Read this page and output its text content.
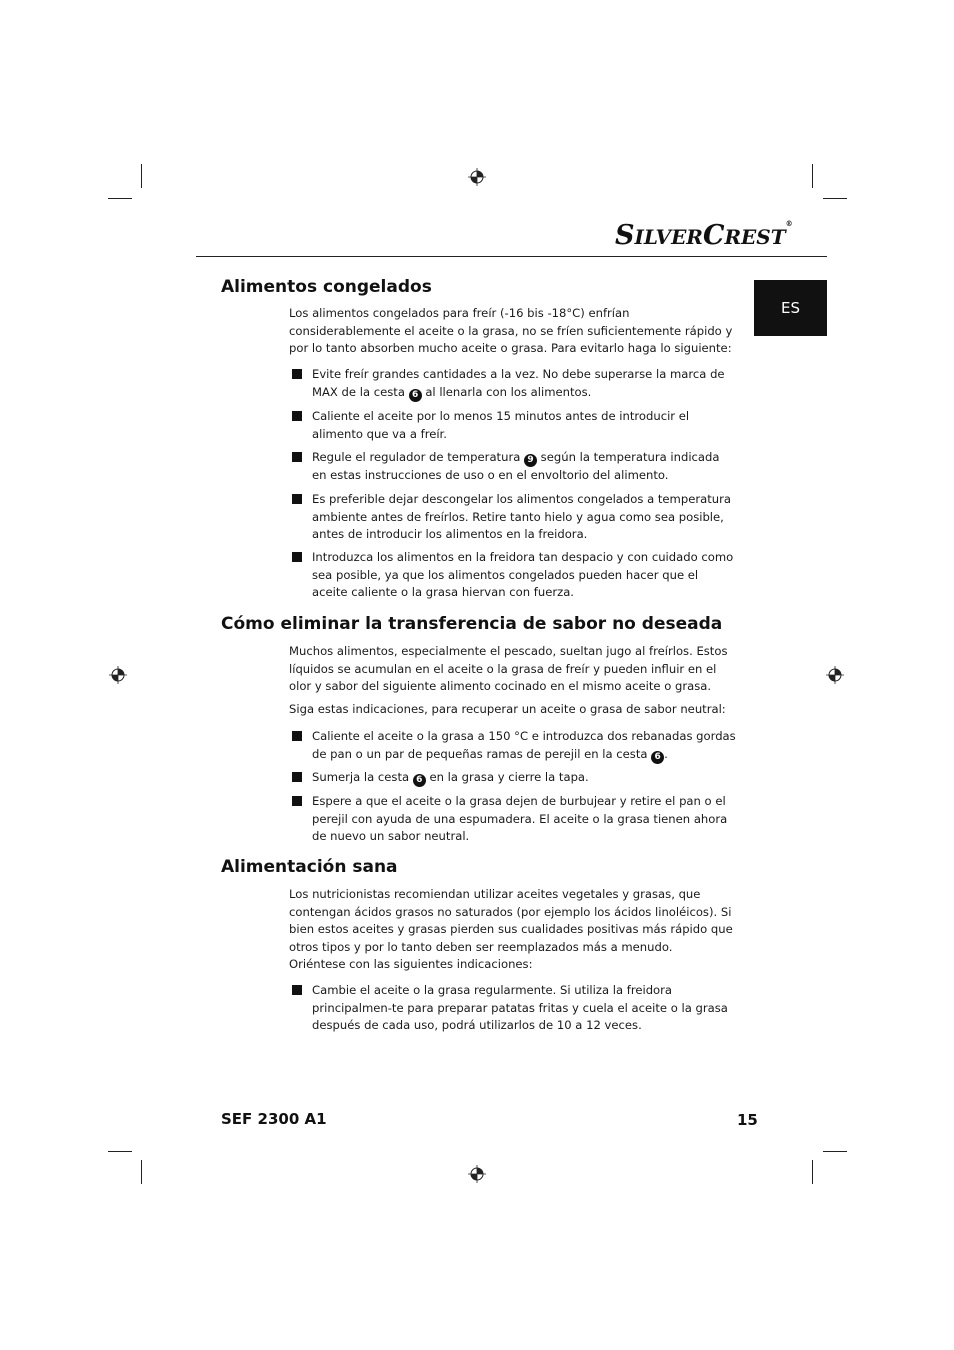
SILVERCREST®
ES
Alimentos congelados

Los alimentos congelados para freír (-16 bis -18°C) enfrían considerablemente el aceite o la grasa, no se fríen suficientemente rápido y por lo tanto absorben mucho aceite o grasa. Para evitarlo haga lo siguiente:

Evite freír grandes cantidades a la vez. No debe superarse la marca de MAX de la cesta 6 al llenarla con los alimentos.
Caliente el aceite por lo menos 15 minutos antes de introducir el alimento que va a freír.
Regule el regulador de temperatura 9 según la temperatura indicada en estas instrucciones de uso o en el envoltorio del alimento.
Es preferible dejar descongelar los alimentos congelados a temperatura ambiente antes de freírlos. Retire tanto hielo y agua como sea posible, antes de introducir los alimentos en la freidora.
Introduzca los alimentos en la freidora tan despacio y con cuidado como sea posible, ya que los alimentos congelados pueden hacer que el aceite caliente o la grasa hiervan con fuerza.
Cómo eliminar la transferencia de sabor no deseada

Muchos alimentos, especialmente el pescado, sueltan jugo al freírlos. Estos líquidos se acumulan en el aceite o la grasa de freír y pueden influir en el olor y sabor del siguiente alimento cocinado en el mismo aceite o grasa.

Siga estas indicaciones, para recuperar un aceite o grasa de sabor neutral:

Caliente el aceite o la grasa a 150 °C e introduzca dos rebanadas gordas de pan o un par de pequeñas ramas de perejil en la cesta 6 .
Sumerja la cesta 6 en la grasa y cierre la tapa.
Espere a que el aceite o la grasa dejen de burbujear y retire el pan o el perejil con ayuda de una espumadera. El aceite o la grasa tienen ahora de nuevo un sabor neutral.
Alimentación sana

Los nutricionistas recomiendan utilizar aceites vegetales y grasas, que contengan ácidos grasos no saturados (por ejemplo los ácidos linoléicos). Si bien estos aceites y grasas pierden sus cualidades positivas más rápido que otros tipos y por lo tanto deben ser reemplazados más a menudo.

Oriéntese con las siguientes indicaciones:

Cambie el aceite o la grasa regularmente. Si utiliza la freidora principalmen-te para preparar patatas fritas y cuela el aceite o la grasa después de cada uso, podrá utilizarlos de 10 a 12 veces.
SEF 2300 A1	15
